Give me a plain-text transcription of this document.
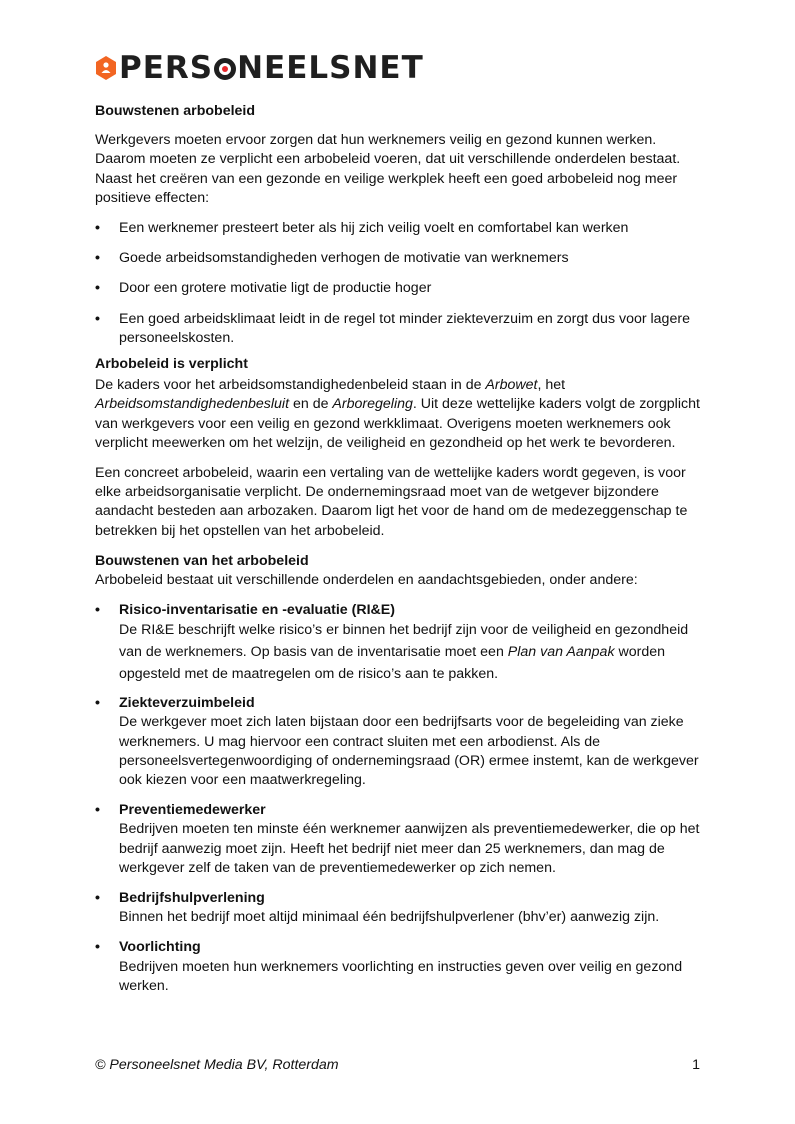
PERS NEELSNET
Bouwstenen arbobeleid

Werkgevers moeten ervoor zorgen dat hun werknemers veilig en gezond kunnen werken. Daarom moeten ze verplicht een arbobeleid voeren, dat uit verschillende onderdelen bestaat. Naast het creëren van een gezonde en veilige werkplek heeft een goed arbobeleid nog meer positieve effecten:

• Een werknemer presteert beter als hij zich veilig voelt en comfortabel kan werken
• Goede arbeidsomstandigheden verhogen de motivatie van werknemers
• Door een grotere motivatie ligt de productie hoger
• Een goed arbeidsklimaat leidt in de regel tot minder ziekteverzuim en zorgt dus voor lagere personeelskosten.
Arbobeleid is verplicht

De kaders voor het arbeidsomstandighedenbeleid staan in de Arbowet, het Arbeidsomstandighedenbesluit en de Arboregeling. Uit deze wettelijke kaders volgt de zorgplicht van werkgevers voor een veilig en gezond werkklimaat. Overigens moeten werknemers ook verplicht meewerken om het welzijn, de veiligheid en gezondheid op het werk te bevorderen.

Een concreet arbobeleid, waarin een vertaling van de wettelijke kaders wordt gegeven, is voor elke arbeidsorganisatie verplicht. De ondernemingsraad moet van de wetgever bijzondere aandacht besteden aan arbozaken. Daarom ligt het voor de hand om de medezeggenschap te betrekken bij het opstellen van het arbobeleid.

Bouwstenen van het arbobeleid

Arbobeleid bestaat uit verschillende onderdelen en aandachtsgebieden, onder andere:

• Risico-inventarisatie en -evaluatie (RI&E)
De RI&E beschrijft welke risico’s er binnen het bedrijf zijn voor de veiligheid en gezondheid van de werknemers. Op basis van de inventarisatie moet een Plan van Aanpak worden opgesteld met de maatregelen om de risico’s aan te pakken.
• Ziekteverzuimbeleid
De werkgever moet zich laten bijstaan door een bedrijfsarts voor de begeleiding van zieke werknemers. U mag hiervoor een contract sluiten met een arbodienst. Als de personeelsvertegenwoordiging of ondernemingsraad (OR) ermee instemt, kan de werkgever ook kiezen voor een maatwerkregeling.
• Preventiemedewerker
Bedrijven moeten ten minste één werknemer aanwijzen als preventiemedewerker, die op het bedrijf aanwezig moet zijn. Heeft het bedrijf niet meer dan 25 werknemers, dan mag de werkgever zelf de taken van de preventiemedewerker op zich nemen.
• Bedrijfshulpverlening
Binnen het bedrijf moet altijd minimaal één bedrijfshulpverlener (bhv’er) aanwezig zijn.
• Voorlichting
Bedrijven moeten hun werknemers voorlichting en instructies geven over veilig en gezond werken.
© Personeelsnet Media BV, Rotterdam	1
